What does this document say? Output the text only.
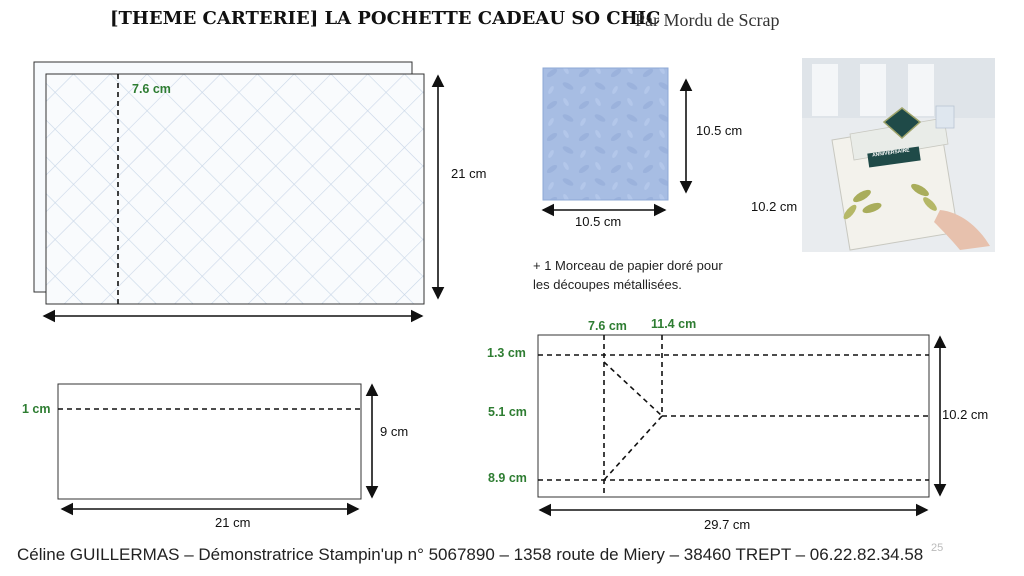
[THEME CARTERIE] LA POCHETTE CADEAU SO CHIC
Par Mordu de Scrap
7.6 cm
21 cm
10.5 cm
10.5 cm
10.2 cm
ANNIVERSAIRE
+ 1 Morceau de papier doré pour
les découpes métallisées.
1 cm
9 cm
21 cm
7.6 cm 11.4 cm
1.3 cm
5.1 cm
8.9 cm
10.2 cm
29.7 cm
25
Céline GUILLERMAS – Démonstratrice Stampin'up n° 5067890 – 1358 route de Miery – 38460 TREPT – 06.22.82.34.58
